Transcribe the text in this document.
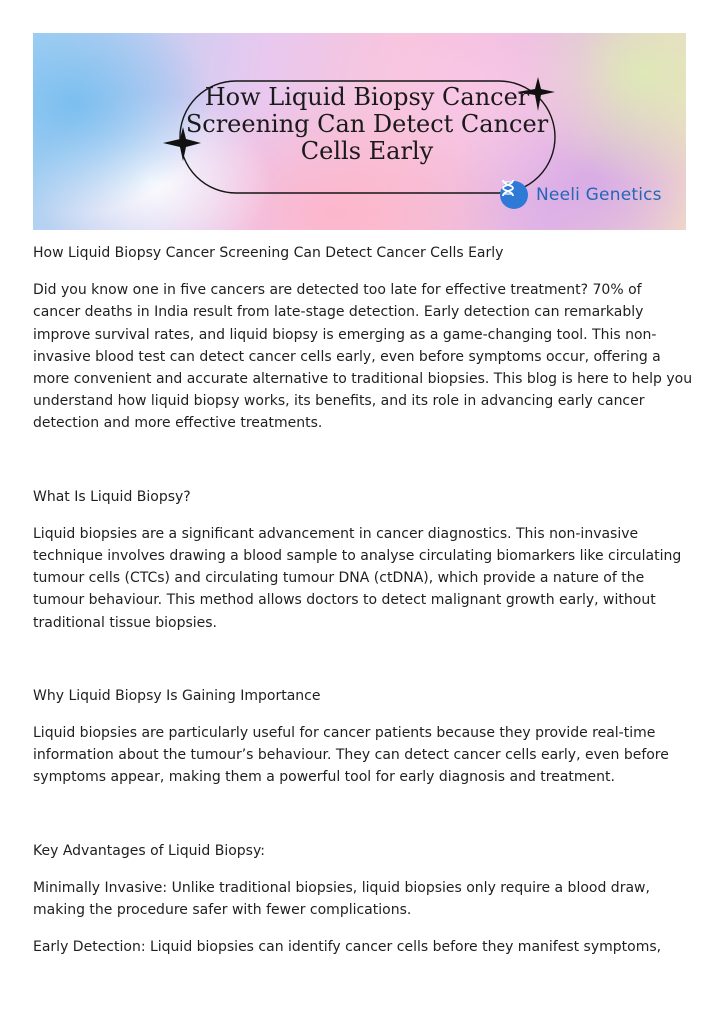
How Liquid Biopsy Cancer
Screening Can Detect Cancer
Cells Early
Neeli Genetics

How Liquid Biopsy Cancer Screening Can Detect Cancer Cells Early

Did you know one in five cancers are detected too late for effective treatment? 70% of cancer deaths in India result from late-stage detection. Early detection can remarkably improve survival rates, and liquid biopsy is emerging as a game-changing tool. This non-invasive blood test can detect cancer cells early, even before symptoms occur, offering a more convenient and accurate alternative to traditional biopsies. This blog is here to help you understand how liquid biopsy works, its benefits, and its role in advancing early cancer detection and more effective treatments.

What Is Liquid Biopsy?

Liquid biopsies are a significant advancement in cancer diagnostics. This non-invasive technique involves drawing a blood sample to analyse circulating biomarkers like circulating tumour cells (CTCs) and circulating tumour DNA (ctDNA), which provide a nature of the tumour behaviour. This method allows doctors to detect malignant growth early, without traditional tissue biopsies.

Why Liquid Biopsy Is Gaining Importance

Liquid biopsies are particularly useful for cancer patients because they provide real-time information about the tumour’s behaviour. They can detect cancer cells early, even before symptoms appear, making them a powerful tool for early diagnosis and treatment.

Key Advantages of Liquid Biopsy:

Minimally Invasive: Unlike traditional biopsies, liquid biopsies only require a blood draw, making the procedure safer with fewer complications.

Early Detection: Liquid biopsies can identify cancer cells before they manifest symptoms,
